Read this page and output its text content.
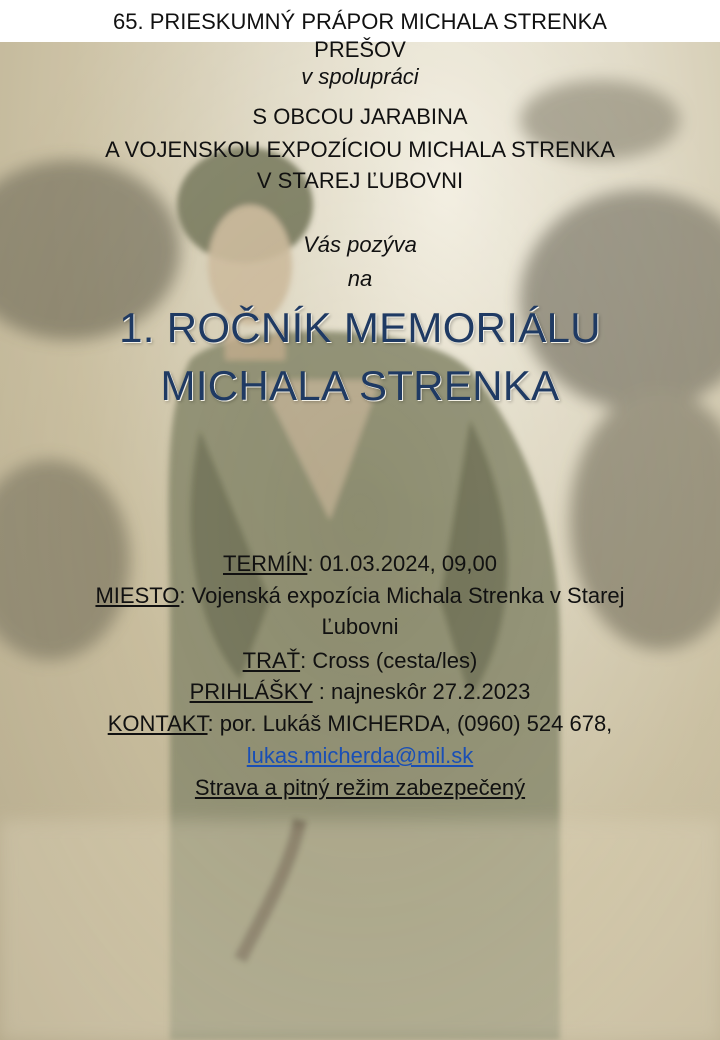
65. PRIESKUMNÝ PRÁPOR MICHALA STRENKA
PREŠOV
v spolupráci
S OBCOU JARABINA
A VOJENSKOU EXPOZÍCIOU MICHALA STRENKA
V STAREJ ĽUBOVNI
Vás pozýva
na
1. ROČNÍK MEMORIÁLU
MICHALA STRENKA
TERMÍN: 01.03.2024, 09,00
MIESTO: Vojenská expozícia Michala Strenka v Starej
Ľubovni
TRAŤ: Cross (cesta/les)
PRIHLÁŠKY : najneskôr 27.2.2023
KONTAKT: por. Lukáš MICHERDA, (0960) 524 678,
lukas.micherda@mil.sk
Strava a pitný režim zabezpečený
